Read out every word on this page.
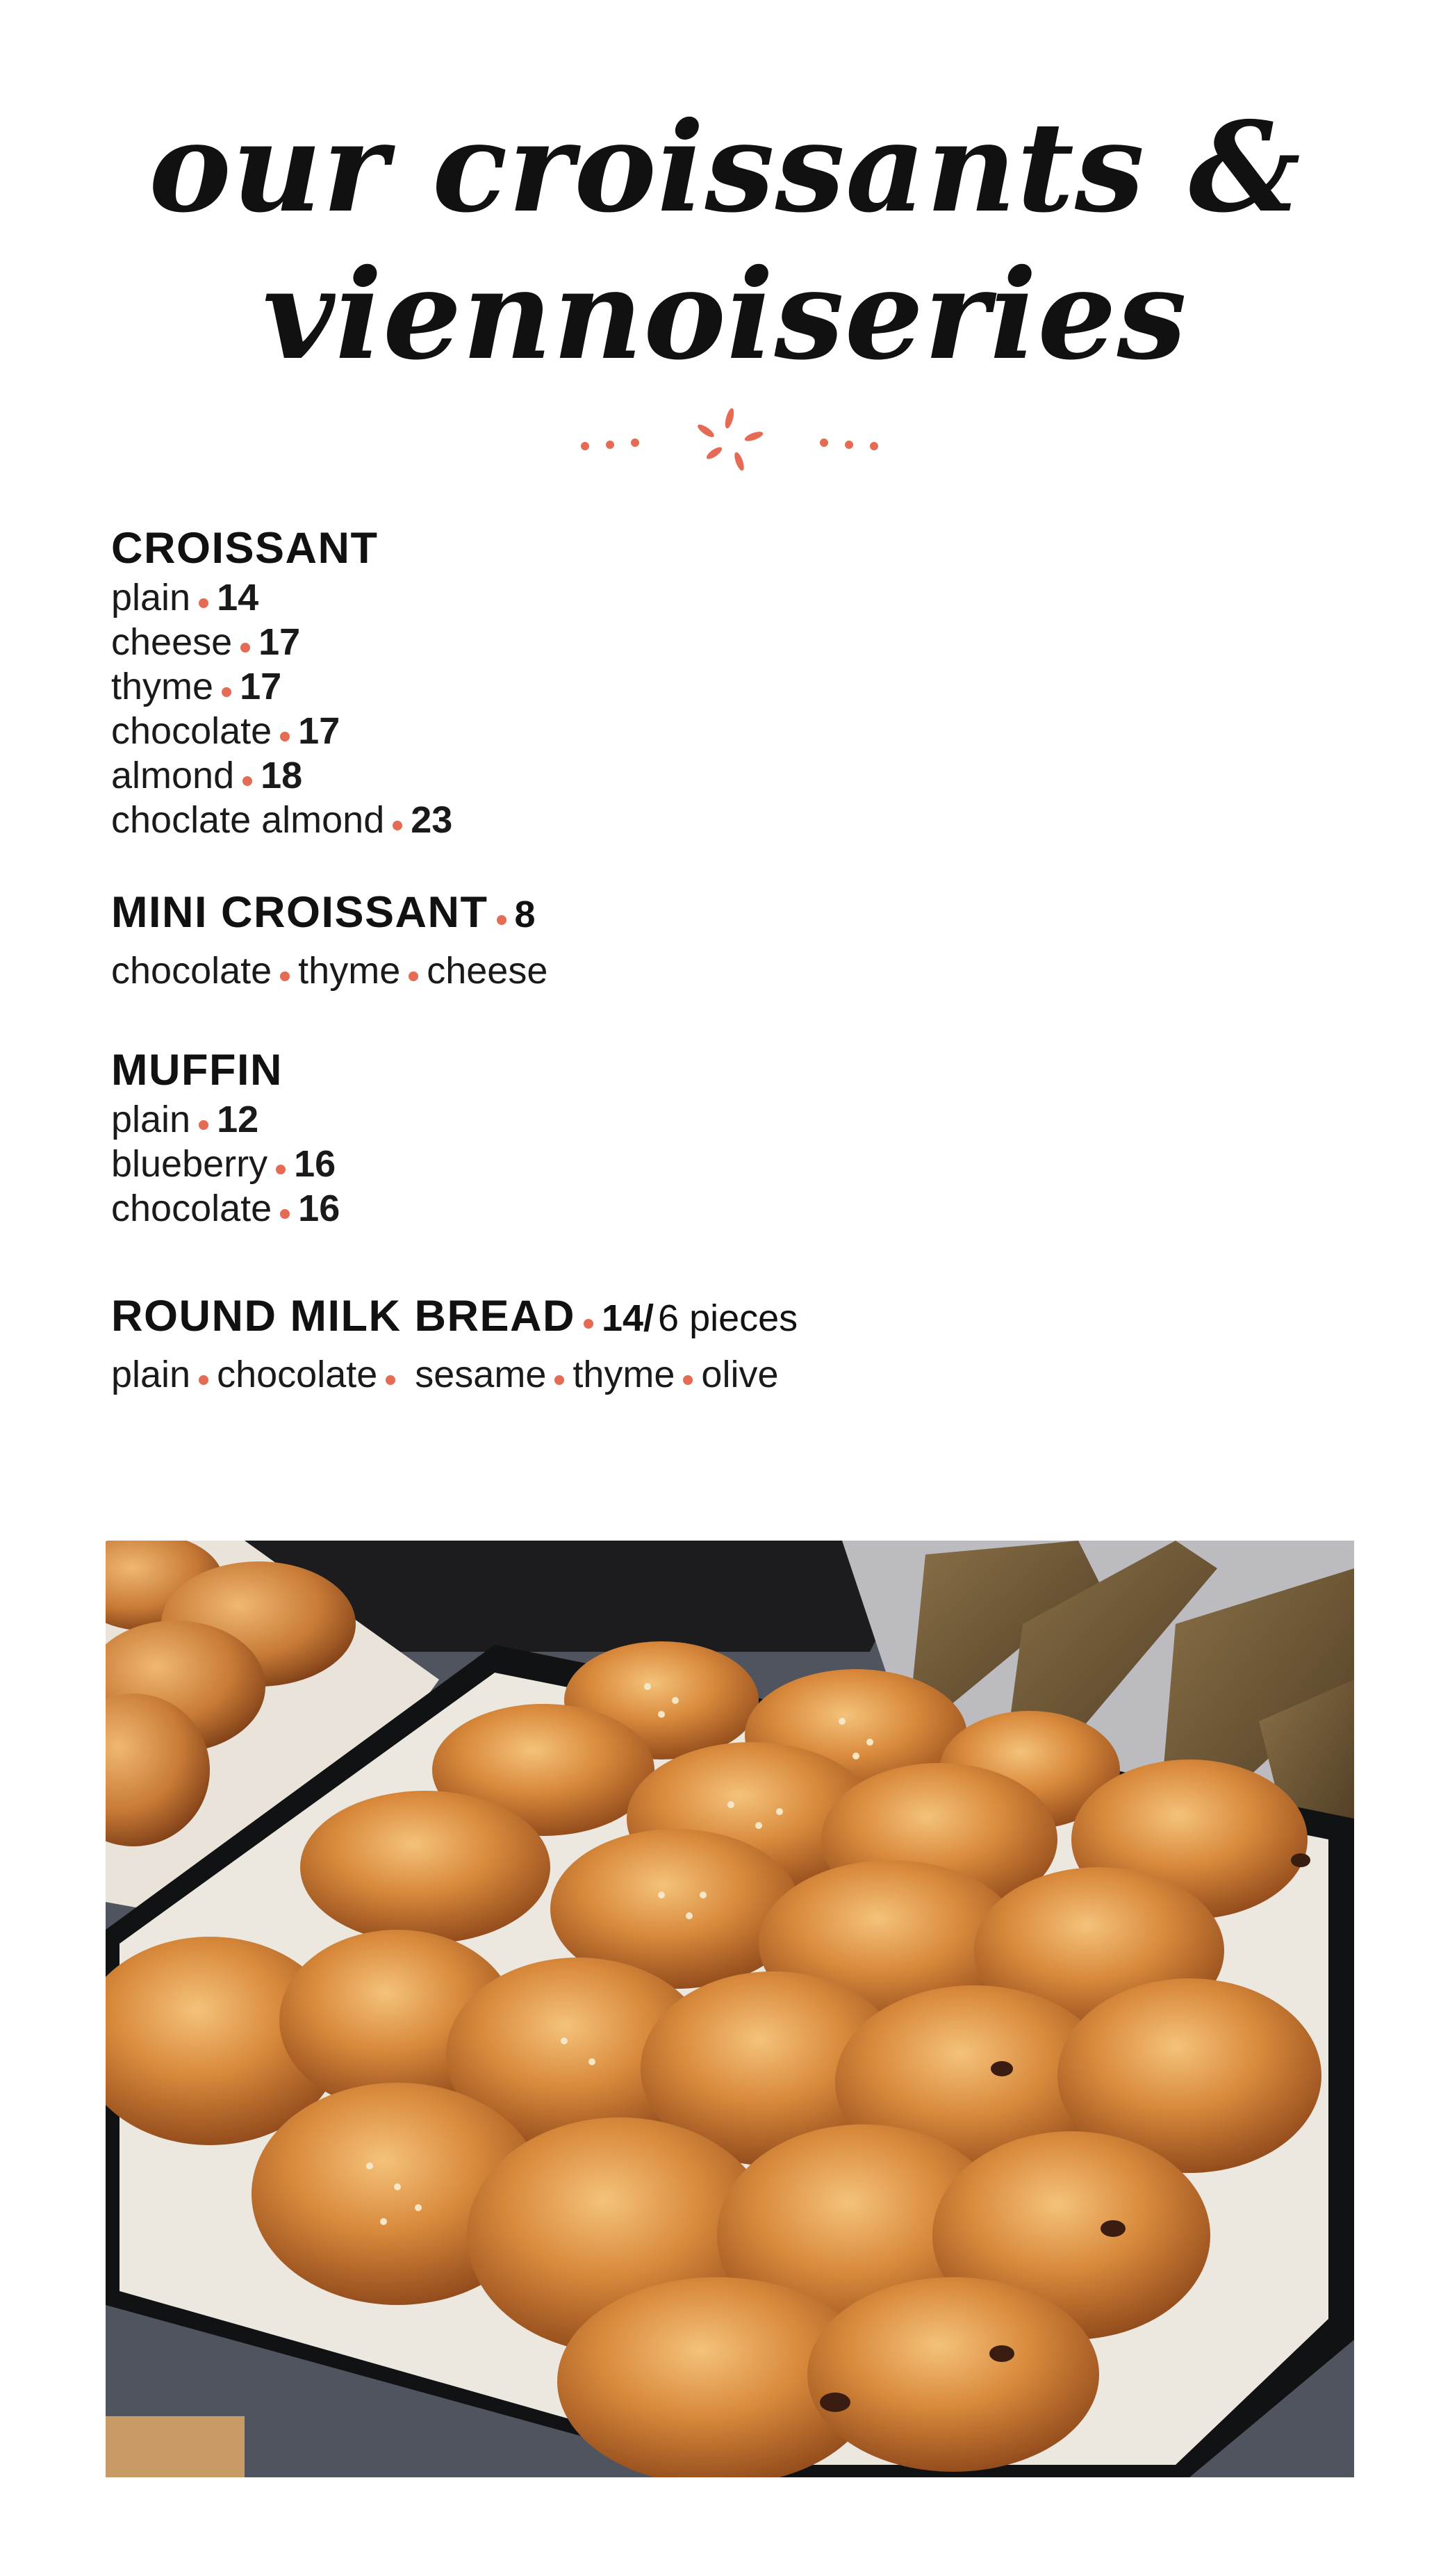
our croissants &
viennoiseries
CROISSANT
plain 14
cheese 17
thyme 17
chocolate 17
almond 18
choclate almond 23
MINI CROISSANT 8
chocolate thyme cheese
MUFFIN
plain 12
blueberry 16
chocolate 16
ROUND MILK BREAD 14/ 6 pieces
plain chocolate sesame thyme olive
